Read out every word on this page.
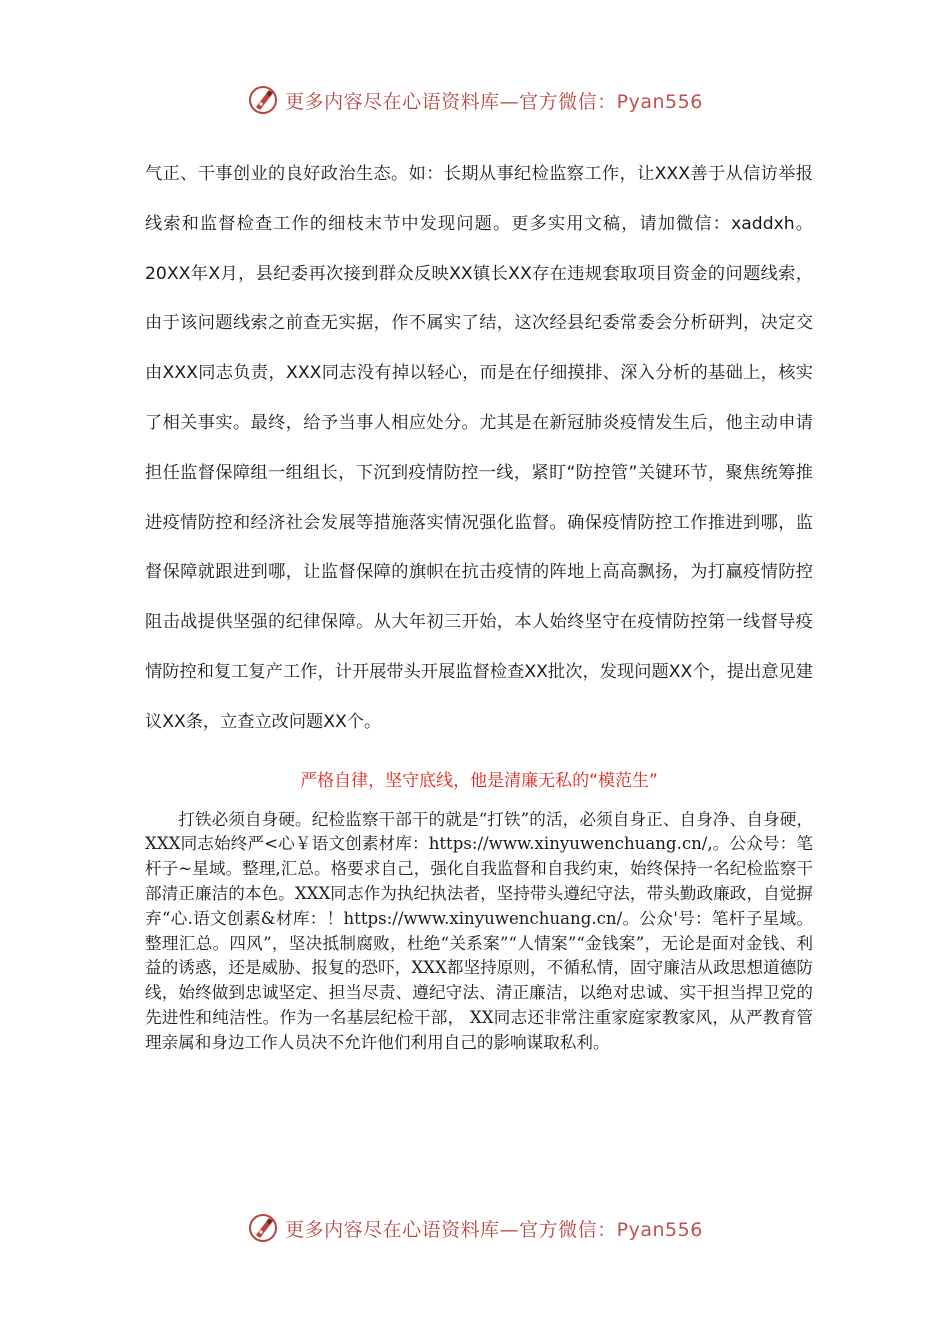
更多内容尽在心语资料库—官方微信：Pyan556

气正、干事创业的良好政治生态。如：长期从事纪检监察工作，让XXX善于从信访举报线索和监督检查工作的细枝末节中发现问题。更多实用文稿，请加微信：xaddxh。20XX年X月，县纪委再次接到群众反映XX镇长XX存在违规套取项目资金的问题线索，由于该问题线索之前查无实据，作不属实了结，这次经县纪委常委会分析研判，决定交由XXX同志负责，XXX同志没有掉以轻心，而是在仔细摸排、深入分析的基础上，核实了相关事实。最终，给予当事人相应处分。尤其是在新冠肺炎疫情发生后，他主动申请担任监督保障组一组组长，下沉到疫情防控一线，紧盯“防控管”关键环节，聚焦统筹推进疫情防控和经济社会发展等措施落实情况强化监督。确保疫情防控工作推进到哪，监督保障就跟进到哪，让监督保障的旗帜在抗击疫情的阵地上高高飘扬，为打赢疫情防控阻击战提供坚强的纪律保障。从大年初三开始，本人始终坚守在疫情防控第一线督导疫情防控和复工复产工作，计开展带头开展监督检查XX批次，发现问题XX个，提出意见建议XX条，立查立改问题XX个。

严格自律，坚守底线，他是清廉无私的“模范生”

打铁必须自身硬。纪检监察干部干的就是“打铁”的活，必须自身正、自身净、自身硬，XXX同志始终严<心￥语文创素材库：https://www.xinyuwenchuang.cn/,。公众号：笔杆子~星域。整理,汇总。格要求自己，强化自我监督和自我约束，始终保持一名纪检监察干部清正廉洁的本色。XXX同志作为执纪执法者，坚持带头遵纪守法，带头勤政廉政，自觉摒弃“心.语文创素&材库：！https://www.xinyuwenchuang.cn/。公众'号：笔杆子星域。整理汇总。四风”，坚决抵制腐败，杜绝“关系案”“人情案”“金钱案”，无论是面对金钱、利益的诱惑，还是威胁、报复的恐吓，XXX都坚持原则，不循私情，固守廉洁从政思想道德防线，始终做到忠诚坚定、担当尽责、遵纪守法、清正廉洁，以绝对忠诚、实干担当捍卫党的先进性和纯洁性。作为一名基层纪检干部， XX同志还非常注重家庭家教家风，从严教育管理亲属和身边工作人员决不允许他们利用自己的影响谋取私利。

更多内容尽在心语资料库—官方微信：Pyan556
